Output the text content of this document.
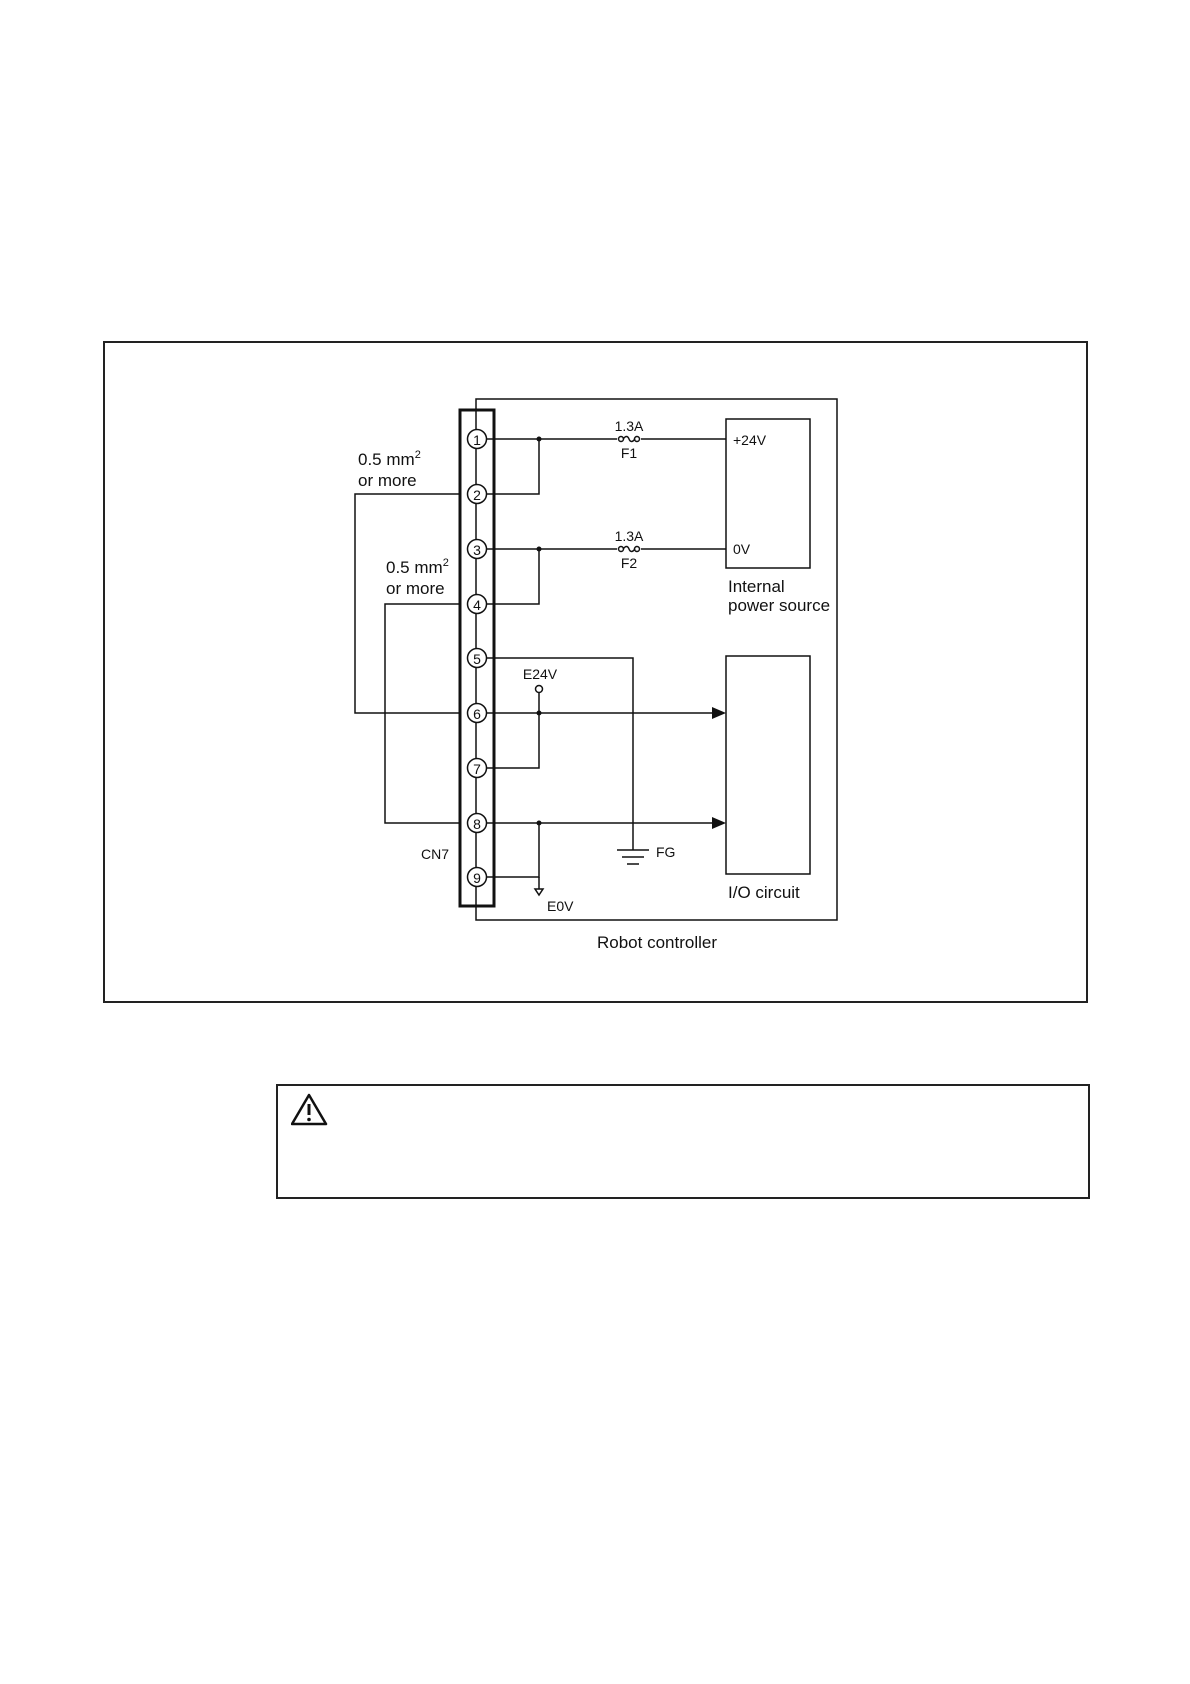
1
2
3
4
5
6
7
8
9
0.5 $mm^2$
or more
0.5 $mm^2$
or more
1.3A
F1
1.3A
F2
+24V
0V
Internal
power source
E24V
E0V
FG
CN7
I/O circuit
Robot controller
